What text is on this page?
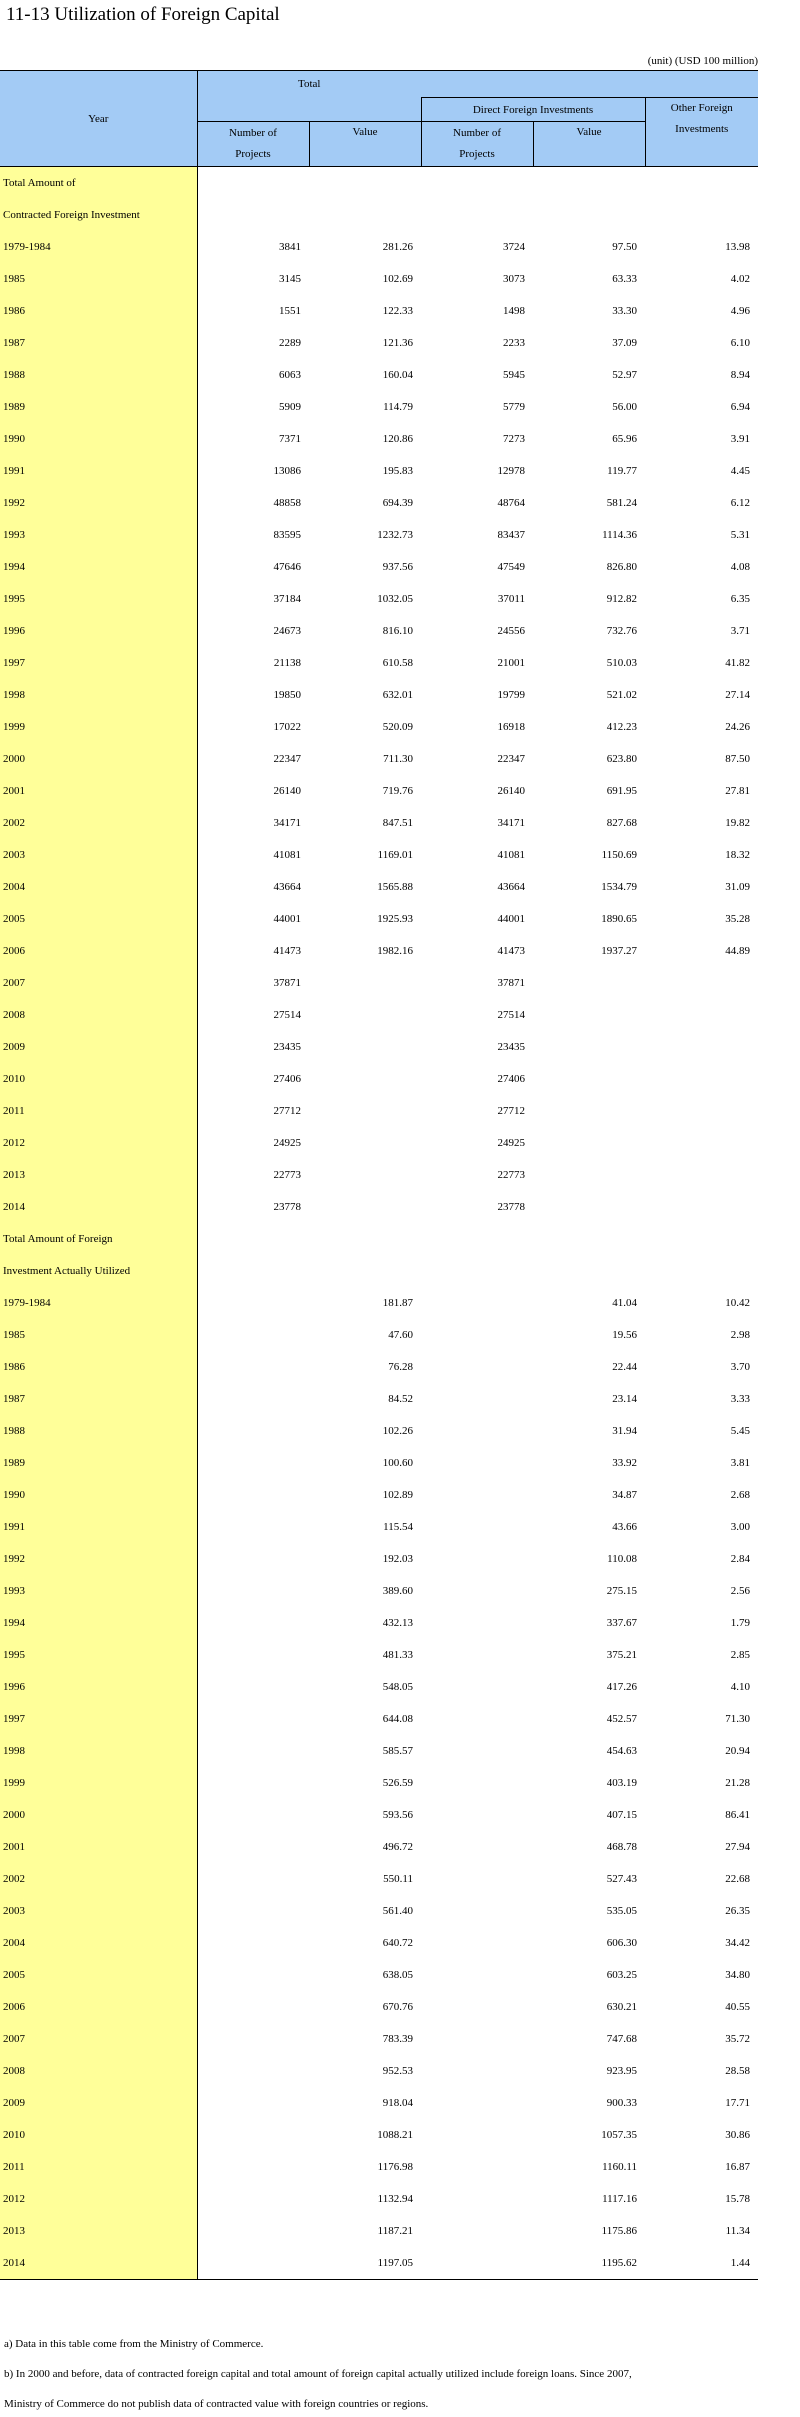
11-13 Utilization of Foreign Capital
(unit) (USD 100 million)
Year	Total				
			Direct Foreign Investments		Other Foreign Investments
	Number of Projects	Value	Number of Projects	Value	
Total Amount of					
Contracted Foreign Investment					
1979-1984	3841	281.26	3724	97.50	13.98
1985	3145	102.69	3073	63.33	4.02
1986	1551	122.33	1498	33.30	4.96
1987	2289	121.36	2233	37.09	6.10
1988	6063	160.04	5945	52.97	8.94
1989	5909	114.79	5779	56.00	6.94
1990	7371	120.86	7273	65.96	3.91
1991	13086	195.83	12978	119.77	4.45
1992	48858	694.39	48764	581.24	6.12
1993	83595	1232.73	83437	1114.36	5.31
1994	47646	937.56	47549	826.80	4.08
1995	37184	1032.05	37011	912.82	6.35
1996	24673	816.10	24556	732.76	3.71
1997	21138	610.58	21001	510.03	41.82
1998	19850	632.01	19799	521.02	27.14
1999	17022	520.09	16918	412.23	24.26
2000	22347	711.30	22347	623.80	87.50
2001	26140	719.76	26140	691.95	27.81
2002	34171	847.51	34171	827.68	19.82
2003	41081	1169.01	41081	1150.69	18.32
2004	43664	1565.88	43664	1534.79	31.09
2005	44001	1925.93	44001	1890.65	35.28
2006	41473	1982.16	41473	1937.27	44.89
2007	37871		37871		
2008	27514		27514		
2009	23435		23435		
2010	27406		27406		
2011	27712		27712		
2012	24925		24925		
2013	22773		22773		
2014	23778		23778		
Total Amount of Foreign					
Investment Actually Utilized					
1979-1984		181.87		41.04	10.42
1985		47.60		19.56	2.98
1986		76.28		22.44	3.70
1987		84.52		23.14	3.33
1988		102.26		31.94	5.45
1989		100.60		33.92	3.81
1990		102.89		34.87	2.68
1991		115.54		43.66	3.00
1992		192.03		110.08	2.84
1993		389.60		275.15	2.56
1994		432.13		337.67	1.79
1995		481.33		375.21	2.85
1996		548.05		417.26	4.10
1997		644.08		452.57	71.30
1998		585.57		454.63	20.94
1999		526.59		403.19	21.28
2000		593.56		407.15	86.41
2001		496.72		468.78	27.94
2002		550.11		527.43	22.68
2003		561.40		535.05	26.35
2004		640.72		606.30	34.42
2005		638.05		603.25	34.80
2006		670.76		630.21	40.55
2007		783.39		747.68	35.72
2008		952.53		923.95	28.58
2009		918.04		900.33	17.71
2010		1088.21		1057.35	30.86
2011		1176.98		1160.11	16.87
2012		1132.94		1117.16	15.78
2013		1187.21		1175.86	11.34
2014		1197.05		1195.62	1.44
a) Data in this table come from the Ministry of Commerce.
b) In 2000 and before, data of contracted foreign capital and total amount of foreign capital actually utilized include foreign loans. Since 2007,
Ministry of Commerce do not publish data of contracted value with foreign countries or regions.
